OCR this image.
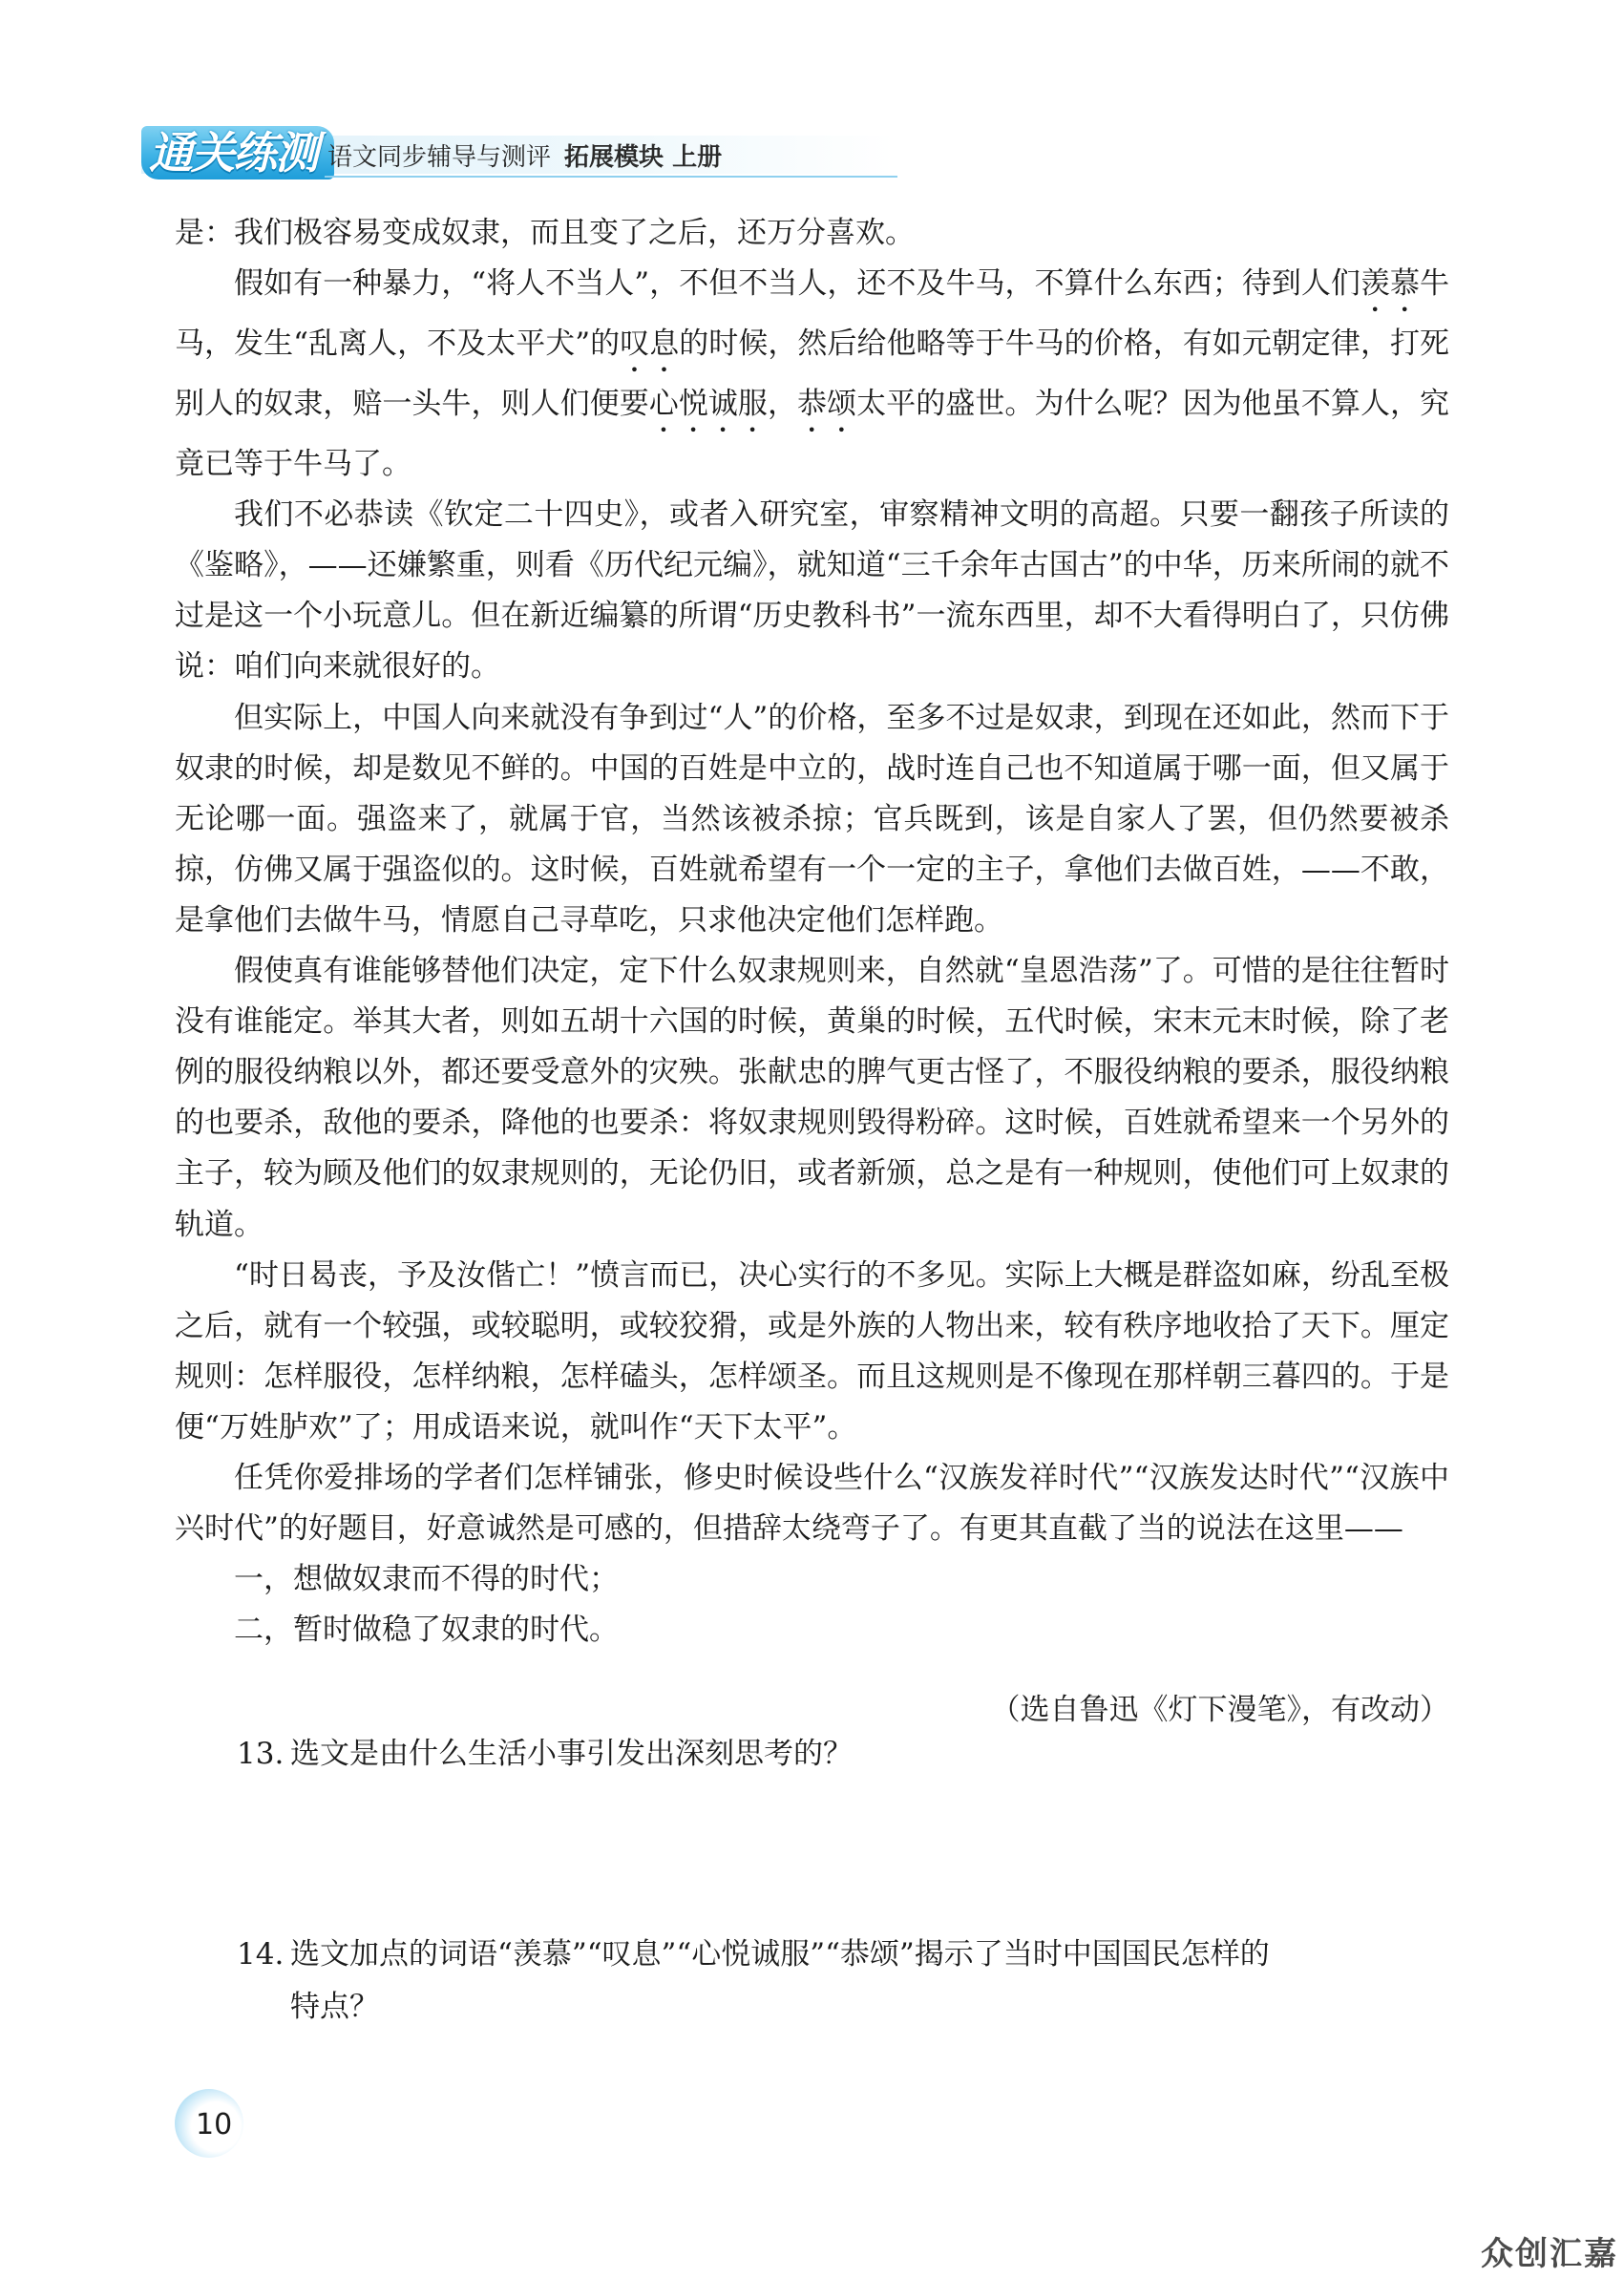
通关练测 语文同步辅导与测评 拓展模块 上册

是：我们极容易变成奴隶，而且变了之后，还万分喜欢。

假如有一种暴力，“将人不当人”，不但不当人，还不及牛马，不算什么东西；待到人们羡慕牛马，发生“乱离人，不及太平犬”的叹息的时候，然后给他略等于牛马的价格，有如元朝定律，打死别人的奴隶，赔一头牛，则人们便要心悦诚服，恭颂太平的盛世。为什么呢？因为他虽不算人，究竟已等于牛马了。

我们不必恭读《钦定二十四史》，或者入研究室，审察精神文明的高超。只要一翻孩子所读的《鉴略》，——还嫌繁重，则看《历代纪元编》，就知道“三千余年古国古”的中华，历来所闹的就不过是这一个小玩意儿。但在新近编纂的所谓“历史教科书”一流东西里，却不大看得明白了，只仿佛说：咱们向来就很好的。

但实际上，中国人向来就没有争到过“人”的价格，至多不过是奴隶，到现在还如此，然而下于奴隶的时候，却是数见不鲜的。中国的百姓是中立的，战时连自己也不知道属于哪一面，但又属于无论哪一面。强盗来了，就属于官，当然该被杀掠；官兵既到，该是自家人了罢，但仍然要被杀掠，仿佛又属于强盗似的。这时候，百姓就希望有一个一定的主子，拿他们去做百姓，——不敢，是拿他们去做牛马，情愿自己寻草吃，只求他决定他们怎样跑。

假使真有谁能够替他们决定，定下什么奴隶规则来，自然就“皇恩浩荡”了。可惜的是往往暂时没有谁能定。举其大者，则如五胡十六国的时候，黄巢的时候，五代时候，宋末元末时候，除了老例的服役纳粮以外，都还要受意外的灾殃。张献忠的脾气更古怪了，不服役纳粮的要杀，服役纳粮的也要杀，敌他的要杀，降他的也要杀：将奴隶规则毁得粉碎。这时候，百姓就希望来一个另外的主子，较为顾及他们的奴隶规则的，无论仍旧，或者新颁，总之是有一种规则，使他们可上奴隶的轨道。

“时日曷丧，予及汝偕亡！”愤言而已，决心实行的不多见。实际上大概是群盗如麻，纷乱至极之后，就有一个较强，或较聪明，或较狡猾，或是外族的人物出来，较有秩序地收拾了天下。厘定规则：怎样服役，怎样纳粮，怎样磕头，怎样颂圣。而且这规则是不像现在那样朝三暮四的。于是便“万姓胪欢”了；用成语来说，就叫作“天下太平”。

任凭你爱排场的学者们怎样铺张，修史时候设些什么“汉族发祥时代”“汉族发达时代”“汉族中兴时代”的好题目，好意诚然是可感的，但措辞太绕弯子了。有更其直截了当的说法在这里——

一，想做奴隶而不得的时代；

二，暂时做稳了奴隶的时代。

（选自鲁迅《灯下漫笔》，有改动）

13. 选文是由什么生活小事引发出深刻思考的？
14. 选文加点的词语“羡慕”“叹息”“心悦诚服”“恭颂”揭示了当时中国国民怎样的
特点？
10
众创汇嘉
